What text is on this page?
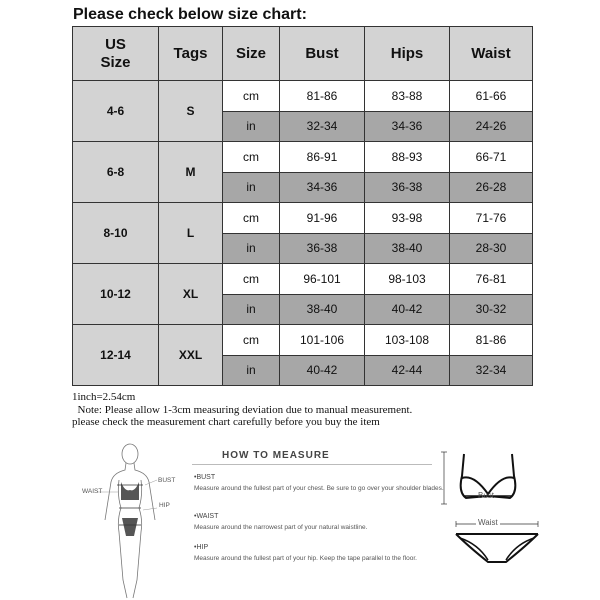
Please check below size chart:
US
Size	Tags	Size	Bust	Hips	Waist
4-6	S	cm	81-86	83-88	61-66
		in	32-34	34-36	24-26
6-8	M	cm	86-91	88-93	66-71
		in	34-36	36-38	26-28
8-10	L	cm	91-96	93-98	71-76
		in	36-38	38-40	28-30
10-12	XL	cm	96-101	98-103	76-81
		in	38-40	40-42	30-32
12-14	XXL	cm	101-106	103-108	81-86
		in	40-42	42-44	32-34
1inch=2.54cm
Note: Please allow 1-3cm measuring deviation due to manual measurement.
please check the measurement chart carefully before you buy the item
BUST
WAIST
HIP
HOW TO MEASURE
•BUST
Measure around the fullest part of your chest. Be sure to go over your shoulder blades.
•WAIST
Measure around the narrowest part of your natural waistline.
•HIP
Measure around the fullest part of your hip. Keep the tape parallel to the floor.
Bust
Waist
